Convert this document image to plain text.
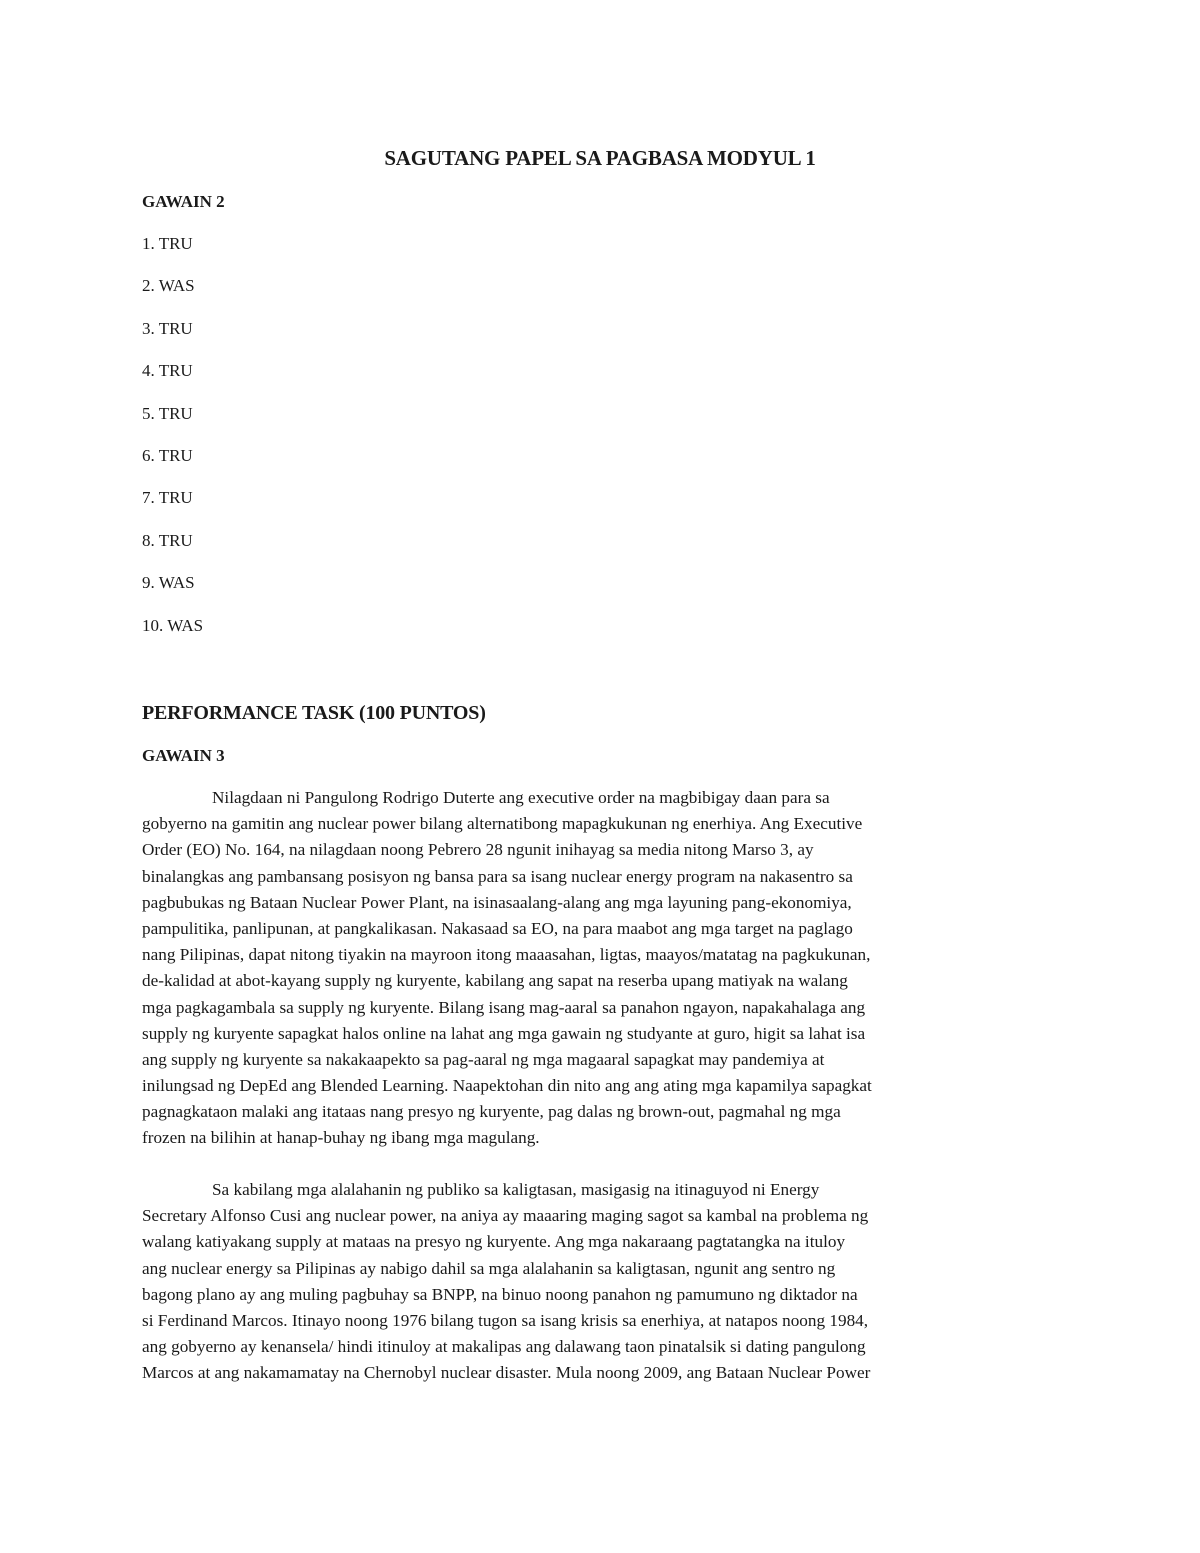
SAGUTANG PAPEL SA PAGBASA MODYUL 1
GAWAIN 2
1. TRU
2. WAS
3. TRU
4. TRU
5. TRU
6. TRU
7. TRU
8. TRU
9. WAS
10. WAS
PERFORMANCE TASK (100 PUNTOS)
GAWAIN 3
Nilagdaan ni Pangulong Rodrigo Duterte ang executive order na magbibigay daan para sa
gobyerno na gamitin ang nuclear power bilang alternatibong mapagkukunan ng enerhiya. Ang Executive
Order (EO) No. 164, na nilagdaan noong Pebrero 28 ngunit inihayag sa media nitong Marso 3, ay
binalangkas ang pambansang posisyon ng bansa para sa isang nuclear energy program na nakasentro sa
pagbubukas ng Bataan Nuclear Power Plant, na isinasaalang-alang ang mga layuning pang-ekonomiya,
pampulitika, panlipunan, at pangkalikasan. Nakasaad sa EO, na para maabot ang mga target na paglago
nang Pilipinas, dapat nitong tiyakin na mayroon itong maaasahan, ligtas, maayos/matatag na pagkukunan,
de-kalidad at abot-kayang supply ng kuryente, kabilang ang sapat na reserba upang matiyak na walang
mga pagkagambala sa supply ng kuryente. Bilang isang mag-aaral sa panahon ngayon, napakahalaga ang
supply ng kuryente sapagkat halos online na lahat ang mga gawain ng studyante at guro, higit sa lahat isa
ang supply ng kuryente sa nakakaapekto sa pag-aaral ng mga magaaral sapagkat may pandemiya at
inilungsad ng DepEd ang Blended Learning. Naapektohan din nito ang ang ating mga kapamilya sapagkat
pagnagkataon malaki ang itataas nang presyo ng kuryente, pag dalas ng brown-out, pagmahal ng mga
frozen na bilihin at hanap-buhay ng ibang mga magulang.
Sa kabilang mga alalahanin ng publiko sa kaligtasan, masigasig na itinaguyod ni Energy
Secretary Alfonso Cusi ang nuclear power, na aniya ay maaaring maging sagot sa kambal na problema ng
walang katiyakang supply at mataas na presyo ng kuryente. Ang mga nakaraang pagtatangka na ituloy
ang nuclear energy sa Pilipinas ay nabigo dahil sa mga alalahanin sa kaligtasan, ngunit ang sentro ng
bagong plano ay ang muling pagbuhay sa BNPP, na binuo noong panahon ng pamumuno ng diktador na
si Ferdinand Marcos. Itinayo noong 1976 bilang tugon sa isang krisis sa enerhiya, at natapos noong 1984,
ang gobyerno ay kenansela/ hindi itinuloy at makalipas ang dalawang taon pinatalsik si dating pangulong
Marcos at ang nakamamatay na Chernobyl nuclear disaster. Mula noong 2009, ang Bataan Nuclear Power
